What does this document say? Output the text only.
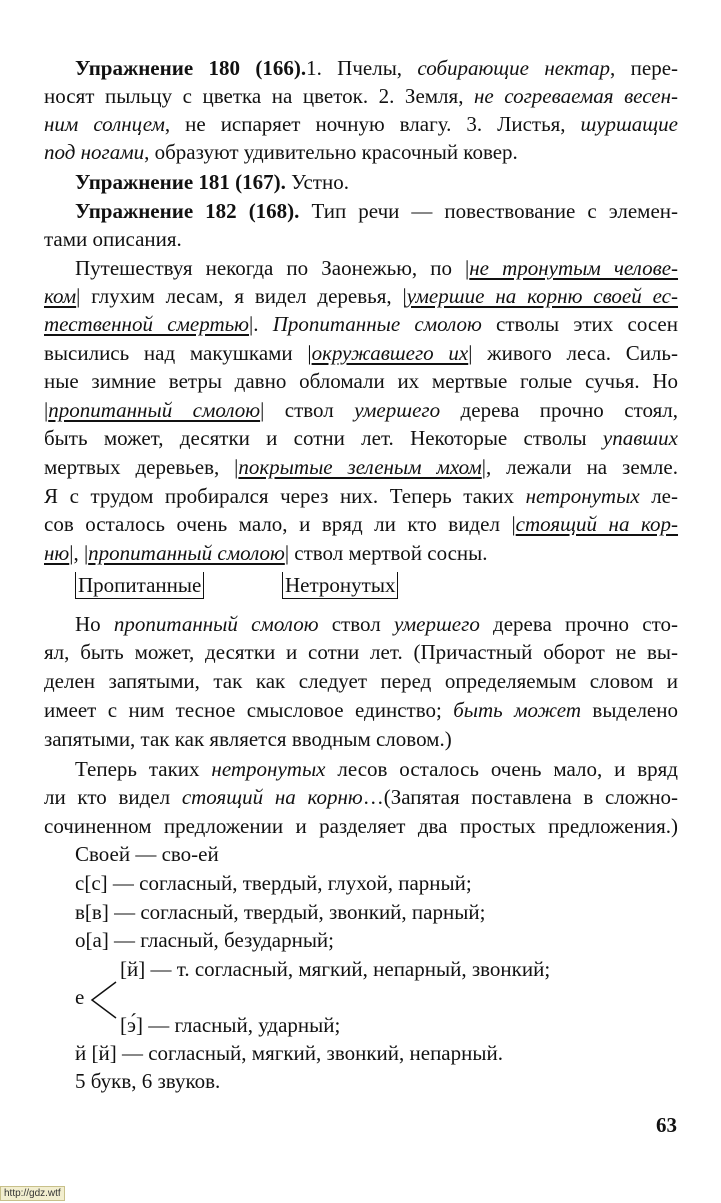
Упражнение 180 (166).1. Пчелы, собирающие нектар, пере-
носят пыльцу с цветка на цветок. 2. Земля, не согреваемая весен-
ним солнцем, не испаряет ночную влагу. 3. Листья, шуршащие
под ногами, образуют удивительно красочный ковер.
Упражнение 181 (167). Устно.
Упражнение 182 (168). Тип речи — повествование с элемен-
тами описания.
Путешествуя некогда по Заонежью, по |не тронутым челове-
ком| глухим лесам, я видел деревья, |умершие на корню своей ес-
тественной смертью|. Пропитанные смолою стволы этих сосен
высились над макушками |окружавшего их| живого леса. Силь-
ные зимние ветры давно обломали их мертвые голые сучья. Но
|пропитанный смолою| ствол умершего дерева прочно стоял,
быть может, десятки и сотни лет. Некоторые стволы упавших
мертвых деревьев, |покрытые зеленым мхом|, лежали на земле.
Я с трудом пробирался через них. Теперь таких нетронутых ле-
сов осталось очень мало, и вряд ли кто видел |стоящий на кор-
ню|, |пропитанный смолою| ствол мертвой сосны.
Но пропитанный смолою ствол умершего дерева прочно сто-
ял, быть может, десятки и сотни лет. (Причастный оборот не вы-
делен запятыми, так как следует перед определяемым словом и
имеет с ним тесное смысловое единство; быть может выделено
запятыми, так как является вводным словом.)
Теперь таких нетронутых лесов осталось очень мало, и вряд
ли кто видел стоящий на корню…(Запятая поставлена в сложно-
сочиненном предложении и разделяет два простых предложения.)
Своей — сво-ей
с[с] — согласный, твердый, глухой, парный;
в[в] — согласный, твердый, звонкий, парный;
о[а] — гласный, безударный;
[й] — т. согласный, мягкий, непарный, звонкий;
е
[э́] — гласный, ударный;
й [й] — согласный, мягкий, звонкий, непарный.
5 букв, 6 звуков.
Пропитанные	Нетронутых
63
http://gdz.wtf
